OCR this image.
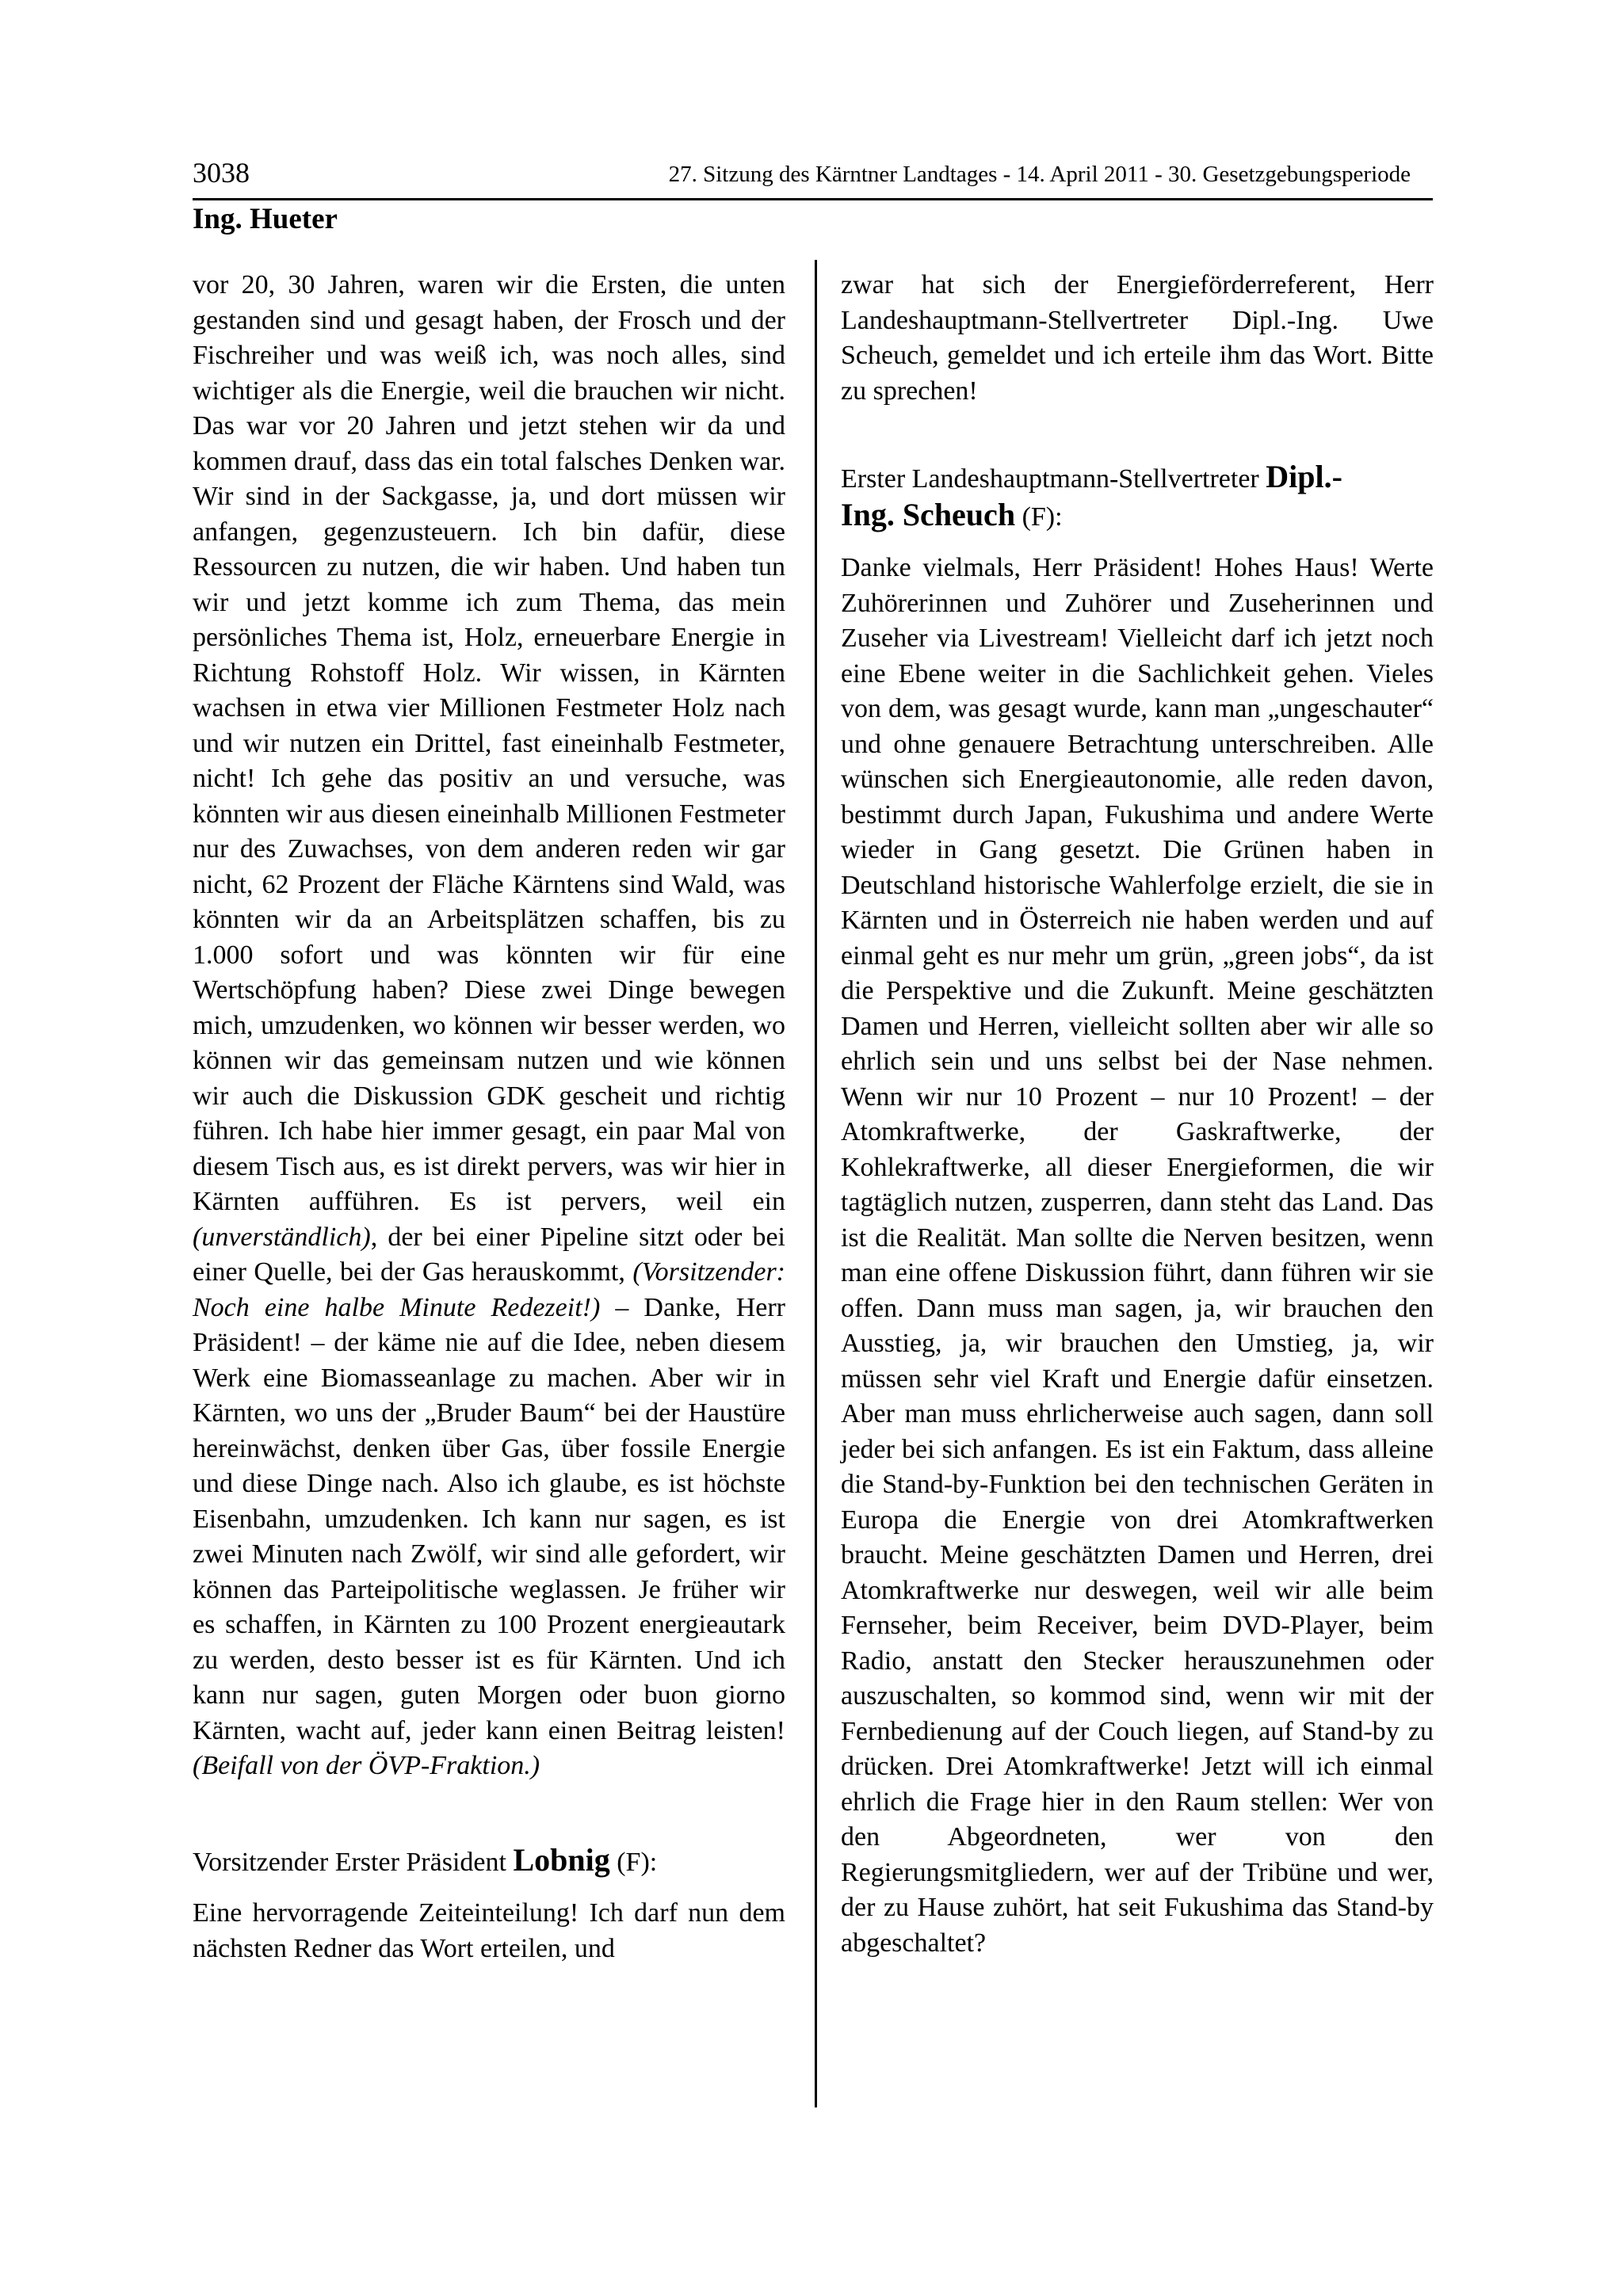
3038	27. Sitzung des Kärntner Landtages - 14. April 2011 - 30. Gesetzgebungsperiode
Ing. Hueter

vor 20, 30 Jahren, waren wir die Ersten, die unten gestanden sind und gesagt haben, der Frosch und der Fischreiher und was weiß ich, was noch alles, sind wichtiger als die Energie, weil die brauchen wir nicht. Das war vor 20 Jahren und jetzt stehen wir da und kommen drauf, dass das ein total falsches Denken war. Wir sind in der Sackgasse, ja, und dort müssen wir anfangen, gegenzusteuern. Ich bin dafür, diese Ressourcen zu nutzen, die wir haben. Und haben tun wir und jetzt komme ich zum Thema, das mein persönliches Thema ist, Holz, erneuerbare Energie in Richtung Rohstoff Holz. Wir wissen, in Kärnten wachsen in etwa vier Millionen Festmeter Holz nach und wir nutzen ein Drittel, fast eineinhalb Festmeter, nicht! Ich gehe das positiv an und versuche, was könnten wir aus diesen eineinhalb Millionen Festmeter nur des Zuwachses, von dem anderen reden wir gar nicht, 62 Prozent der Fläche Kärntens sind Wald, was könnten wir da an Arbeitsplätzen schaffen, bis zu 1.000 sofort und was könnten wir für eine Wertschöpfung haben? Diese zwei Dinge bewegen mich, umzudenken, wo können wir besser werden, wo können wir das gemeinsam nutzen und wie können wir auch die Diskussion GDK gescheit und richtig führen. Ich habe hier immer gesagt, ein paar Mal von diesem Tisch aus, es ist direkt pervers, was wir hier in Kärnten aufführen. Es ist pervers, weil ein (unverständlich), der bei einer Pipeline sitzt oder bei einer Quelle, bei der Gas herauskommt, (Vorsitzender: Noch eine halbe Minute Redezeit!) – Danke, Herr Präsident! – der käme nie auf die Idee, neben diesem Werk eine Biomasseanlage zu machen. Aber wir in Kärnten, wo uns der „Bruder Baum“ bei der Haustüre hereinwächst, denken über Gas, über fossile Energie und diese Dinge nach. Also ich glaube, es ist höchste Eisenbahn, umzudenken. Ich kann nur sagen, es ist zwei Minuten nach Zwölf, wir sind alle gefordert, wir können das Parteipolitische weglassen. Je früher wir es schaffen, in Kärnten zu 100 Prozent energieautark zu werden, desto besser ist es für Kärnten. Und ich kann nur sagen, guten Morgen oder buon giorno Kärnten, wacht auf, jeder kann einen Beitrag leisten! (Beifall von der ÖVP-Fraktion.)

Vorsitzender Erster Präsident Lobnig (F):

Eine hervorragende Zeiteinteilung! Ich darf nun dem nächsten Redner das Wort erteilen, und

zwar hat sich der Energieförderreferent, Herr Landeshauptmann-Stellvertreter Dipl.-Ing. Uwe Scheuch, gemeldet und ich erteile ihm das Wort. Bitte zu sprechen!

Erster Landeshauptmann-Stellvertreter Dipl.-
Ing. Scheuch (F):

Danke vielmals, Herr Präsident! Hohes Haus! Werte Zuhörerinnen und Zuhörer und Zuseherinnen und Zuseher via Livestream! Vielleicht darf ich jetzt noch eine Ebene weiter in die Sachlichkeit gehen. Vieles von dem, was gesagt wurde, kann man „ungeschauter“ und ohne genauere Betrachtung unterschreiben. Alle wünschen sich Energieautonomie, alle reden davon, bestimmt durch Japan, Fukushima und andere Werte wieder in Gang gesetzt. Die Grünen haben in Deutschland historische Wahlerfolge erzielt, die sie in Kärnten und in Österreich nie haben werden und auf einmal geht es nur mehr um grün, „green jobs“, da ist die Perspektive und die Zukunft. Meine geschätzten Damen und Herren, vielleicht sollten aber wir alle so ehrlich sein und uns selbst bei der Nase nehmen. Wenn wir nur 10 Prozent – nur 10 Prozent! – der Atomkraftwerke, der Gaskraftwerke, der Kohlekraftwerke, all dieser Energieformen, die wir tagtäglich nutzen, zusperren, dann steht das Land. Das ist die Realität. Man sollte die Nerven besitzen, wenn man eine offene Diskussion führt, dann führen wir sie offen. Dann muss man sagen, ja, wir brauchen den Ausstieg, ja, wir brauchen den Umstieg, ja, wir müssen sehr viel Kraft und Energie dafür einsetzen. Aber man muss ehrlicherweise auch sagen, dann soll jeder bei sich anfangen. Es ist ein Faktum, dass alleine die Stand-by-Funktion bei den technischen Geräten in Europa die Energie von drei Atomkraftwerken braucht. Meine geschätzten Damen und Herren, drei Atomkraftwerke nur deswegen, weil wir alle beim Fernseher, beim Receiver, beim DVD-Player, beim Radio, anstatt den Stecker herauszunehmen oder auszuschalten, so kommod sind, wenn wir mit der Fernbedienung auf der Couch liegen, auf Stand-by zu drücken. Drei Atomkraftwerke! Jetzt will ich einmal ehrlich die Frage hier in den Raum stellen: Wer von den Abgeordneten, wer von den Regierungsmitgliedern, wer auf der Tribüne und wer, der zu Hause zuhört, hat seit Fukushima das Stand-by abgeschaltet?
